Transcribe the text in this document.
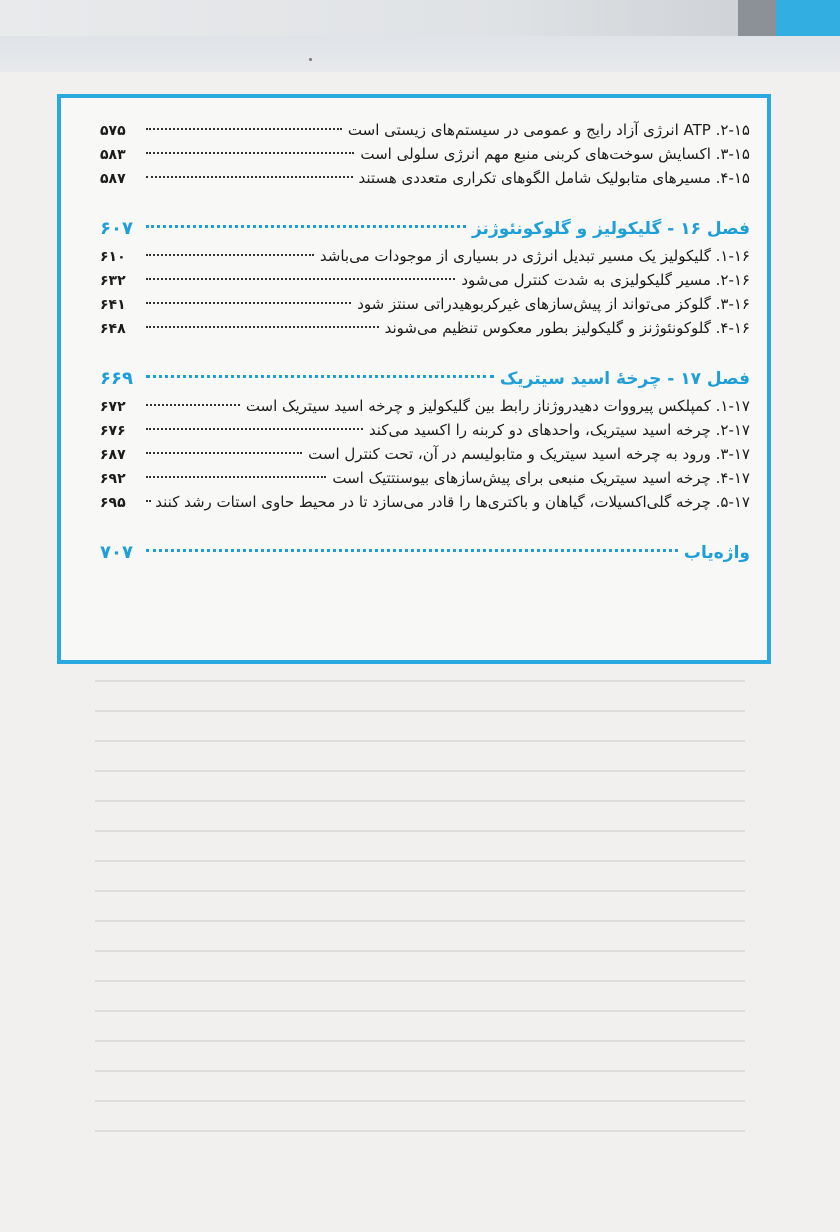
۲-۱۵. ATP انرژی آزاد رایج و عمومی در سیستم‌های زیستی است
۵۷۵
۳-۱۵. اکسایش سوخت‌های کربنی منبع مهم انرژی سلولی است
۵۸۳
۴-۱۵. مسیرهای متابولیک شامل الگوهای تکراری متعددی هستند
۵۸۷
فصل ۱۶ - گلیکولیز و گلوکونئوژنز
۶۰۷
۱-۱۶. گلیکولیز یک مسیر تبدیل انرژی در بسیاری از موجودات می‌باشد
۶۱۰
۲-۱۶. مسیر گلیکولیزی به شدت کنترل می‌شود
۶۳۲
۳-۱۶. گلوکز می‌تواند از پیش‌سازهای غیرکربوهیدراتی سنتز شود
۶۴۱
۴-۱۶. گلوکونئوژنز و گلیکولیز بطور معکوس تنظیم می‌شوند
۶۴۸
فصل ۱۷ - چرخهٔ اسید سیتریک
۶۶۹
۱-۱۷. کمپلکس پیرووات دهیدروژناز رابط بین گلیکولیز و چرخه اسید سیتریک است
۶۷۲
۲-۱۷. چرخه اسید سیتریک، واحدهای دو کربنه را اکسید می‌کند
۶۷۶
۳-۱۷. ورود به چرخه اسید سیتریک و متابولیسم در آن، تحت کنترل است
۶۸۷
۴-۱۷. چرخه اسید سیتریک منبعی برای پیش‌سازهای بیوسنتتیک است
۶۹۲
۵-۱۷. چرخه گلی‌اکسیلات، گیاهان و باکتری‌ها را قادر می‌سازد تا در محیط حاوی استات رشد کنند
۶۹۵
واژه‌یاب
۷۰۷
